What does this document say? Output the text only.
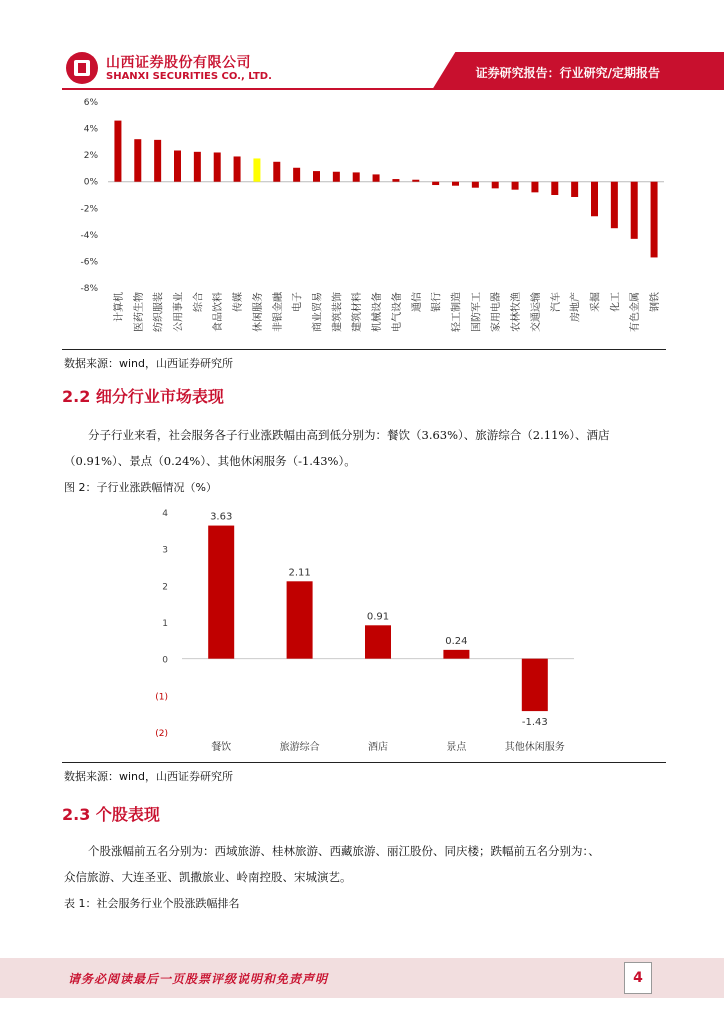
山西证券股份有限公司
SHANXI SECURITIES CO., LTD.	证券研究报告：行业研究/定期报告
6%
4%
2%
0%
-2%
-4%
-6%
-8%
计算机 医药生物 纺织服装 公用事业 综合 食品饮料 传媒 休闲服务 非银金融 电子 商业贸易 建筑装饰 建筑材料 机械设备 电气设备 通信 银行 轻工制造 国防军工 家用电器 农林牧渔 交通运输 汽车 房地产 采掘 化工 有色金属 钢铁
数据来源：wind，山西证券研究所
2.2 细分行业市场表现
分子行业来看，社会服务各子行业涨跌幅由高到低分别为：餐饮（3.63%）、旅游综合（2.11%）、酒店
（0.91%）、景点（0.24%）、其他休闲服务（-1.43%）。
图 2：子行业涨跌幅情况（%）
4
3
2
1
0
(1)
(2)
3.63
餐饮
2.11
旅游综合
0.91
酒店
0.24
景点
-1.43
其他休闲服务
数据来源：wind，山西证券研究所
2.3 个股表现
个股涨幅前五名分别为：西域旅游、桂林旅游、西藏旅游、丽江股份、同庆楼；跌幅前五名分别为：、
众信旅游、大连圣亚、凯撒旅业、岭南控股、宋城演艺。
表 1：社会服务行业个股涨跌幅排名
请务必阅读最后一页股票评级说明和免责声明	4
